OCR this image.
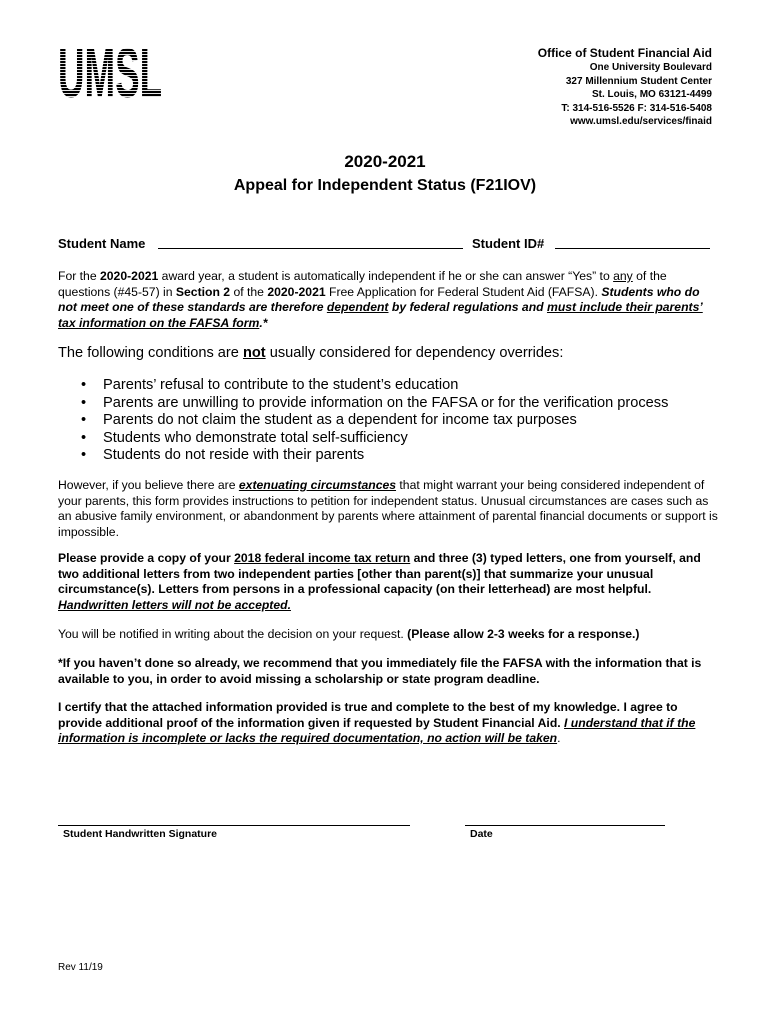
UMSL	Office of Student Financial Aid
One University Boulevard
327 Millennium Student Center
St. Louis, MO 63121-4499
T: 314-516-5526 F: 314-516-5408
www.umsl.edu/services/finaid
2020-2021
Appeal for Independent Status (F21IOV)
Student Name	Student ID#
For the 2020-2021 award year, a student is automatically independent if he or she can answer “Yes” to any of the questions (#45-57) in Section 2 of the 2020-2021 Free Application for Federal Student Aid (FAFSA). Students who do not meet one of these standards are therefore dependent by federal regulations and must include their parents’ tax information on the FAFSA form.*
The following conditions are not usually considered for dependency overrides:
• Parents’ refusal to contribute to the student’s education
• Parents are unwilling to provide information on the FAFSA or for the verification process
• Parents do not claim the student as a dependent for income tax purposes
• Students who demonstrate total self-sufficiency
• Students do not reside with their parents
However, if you believe there are extenuating circumstances that might warrant your being considered independent of your parents, this form provides instructions to petition for independent status. Unusual circumstances are cases such as an abusive family environment, or abandonment by parents where attainment of parental financial documents or support is impossible.
Please provide a copy of your 2018 federal income tax return and three (3) typed letters, one from yourself, and two additional letters from two independent parties [other than parent(s)] that summarize your unusual circumstance(s). Letters from persons in a professional capacity (on their letterhead) are most helpful. Handwritten letters will not be accepted.
You will be notified in writing about the decision on your request. (Please allow 2-3 weeks for a response.)
*If you haven’t done so already, we recommend that you immediately file the FAFSA with the information that is available to you, in order to avoid missing a scholarship or state program deadline.
I certify that the attached information provided is true and complete to the best of my knowledge. I agree to provide additional proof of the information given if requested by Student Financial Aid. I understand that if the information is incomplete or lacks the required documentation, no action will be taken.
Student Handwritten Signature	Date
Rev 11/19
